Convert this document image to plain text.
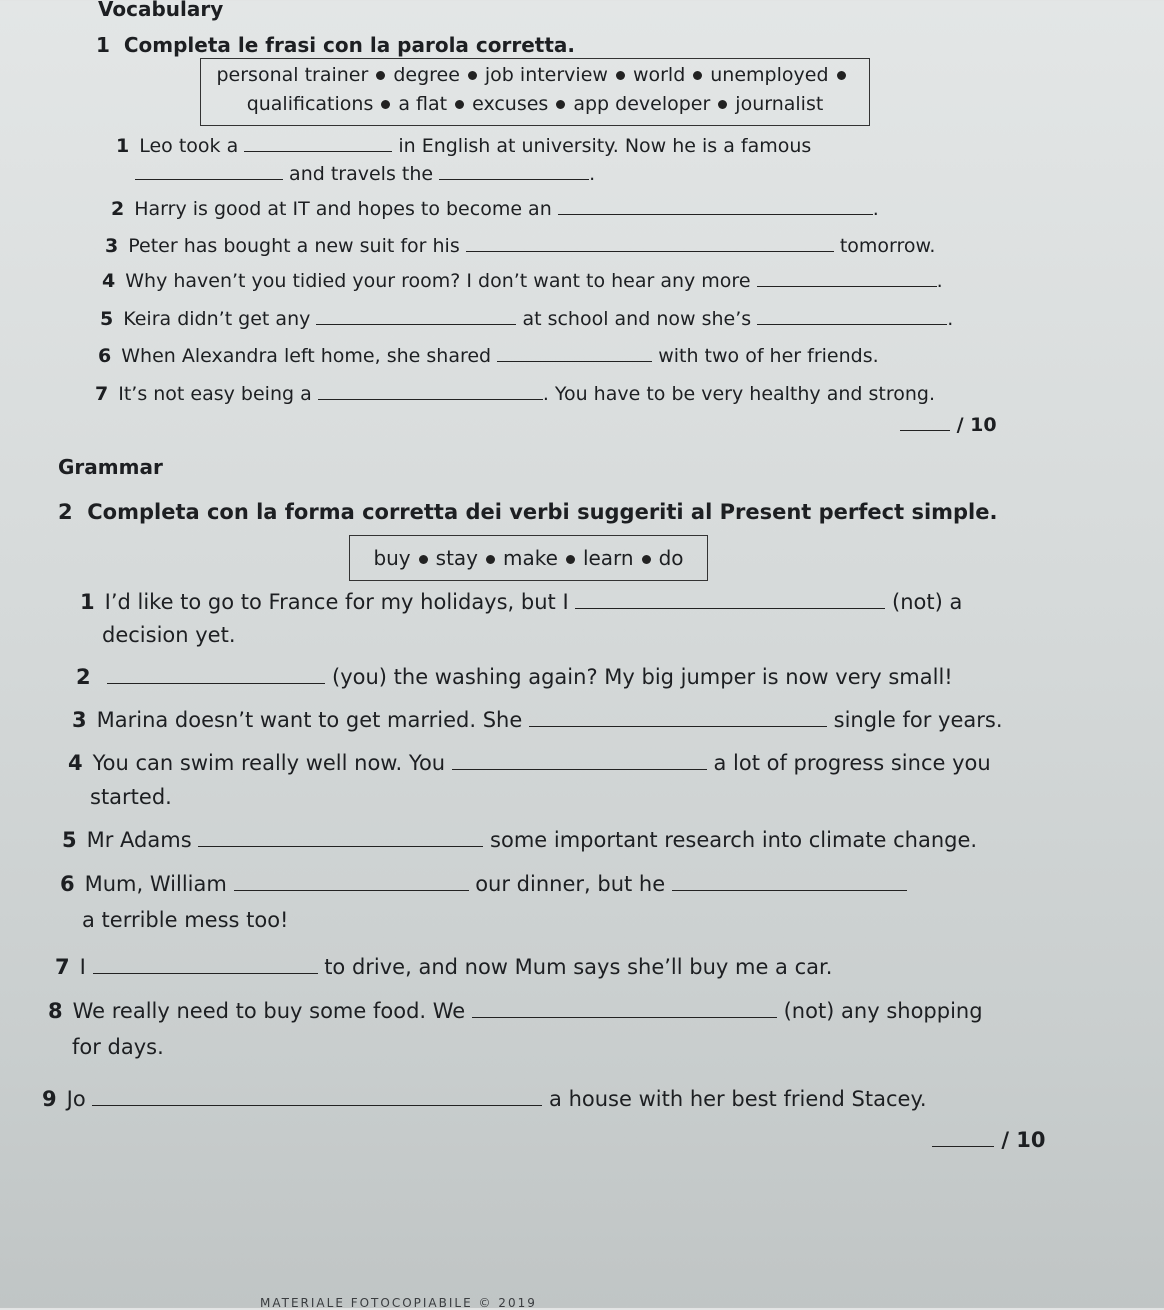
Vocabulary
1 Completa le frasi con la parola corretta.
personal trainer degree job interview world unemployed
qualifications a flat excuses app developer journalist
1 Leo took a	in English at university. Now he is a famous
and travels the	.
2 Harry is good at IT and hopes to become an	.
3 Peter has bought a new suit for his	tomorrow.
4 Why haven’t you tidied your room? I don’t want to hear any more	.
5 Keira didn’t get any	at school and now she’s	.
6 When Alexandra left home, she shared	with two of her friends.
7 It’s not easy being a	. You have to be very healthy and strong.
/ 10
Grammar
2 Completa con la forma corretta dei verbi suggeriti al Present perfect simple.
buy stay make learn do
1 I’d like to go to France for my holidays, but I	(not) a
decision yet.
2	(you) the washing again? My big jumper is now very small!
3 Marina doesn’t want to get married. She	single for years.
4 You can swim really well now. You	a lot of progress since you
started.
5 Mr Adams	some important research into climate change.
6 Mum, William	our dinner, but he
a terrible mess too!
7 I	to drive, and now Mum says she’ll buy me a car.
8 We really need to buy some food. We	(not) any shopping
for days.
9 Jo	a house with her best friend Stacey.
/ 10
MATERIALE FOTOCOPIABILE © 2019
